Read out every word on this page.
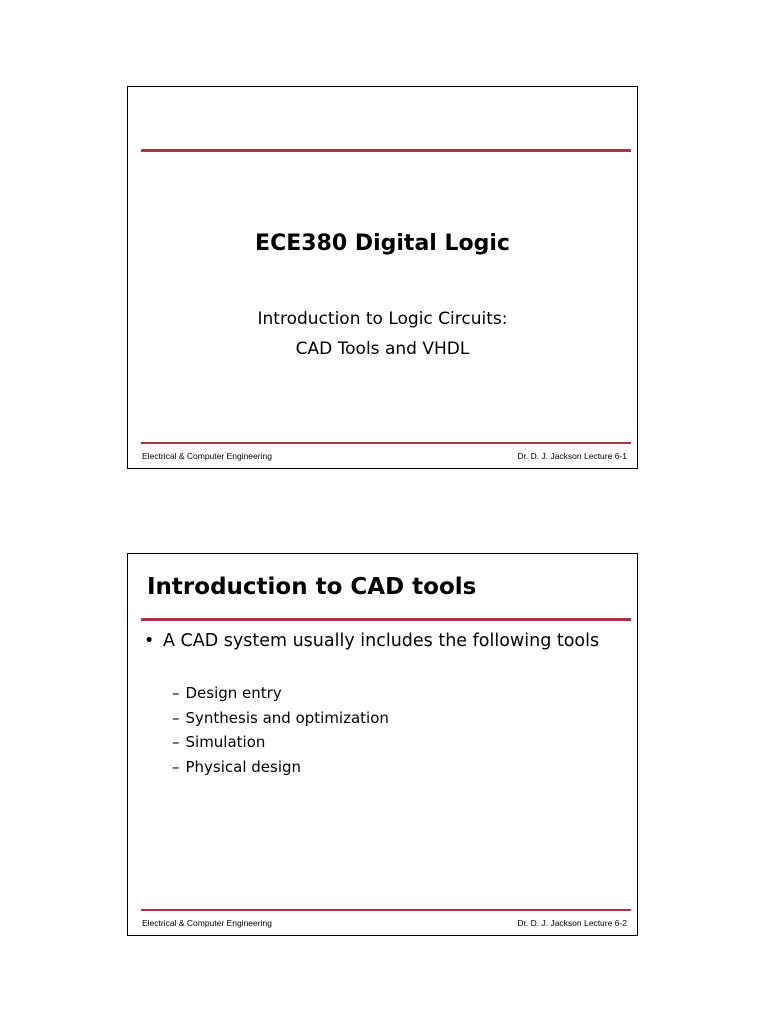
ECE380 Digital Logic
Introduction to Logic Circuits:
CAD Tools and VHDL
Electrical & Computer Engineering	Dr. D. J. Jackson Lecture 6-1
Introduction to CAD tools
• A CAD system usually includes the following tools
– Design entry
– Synthesis and optimization
– Simulation
– Physical design
Electrical & Computer Engineering	Dr. D. J. Jackson Lecture 6-2
